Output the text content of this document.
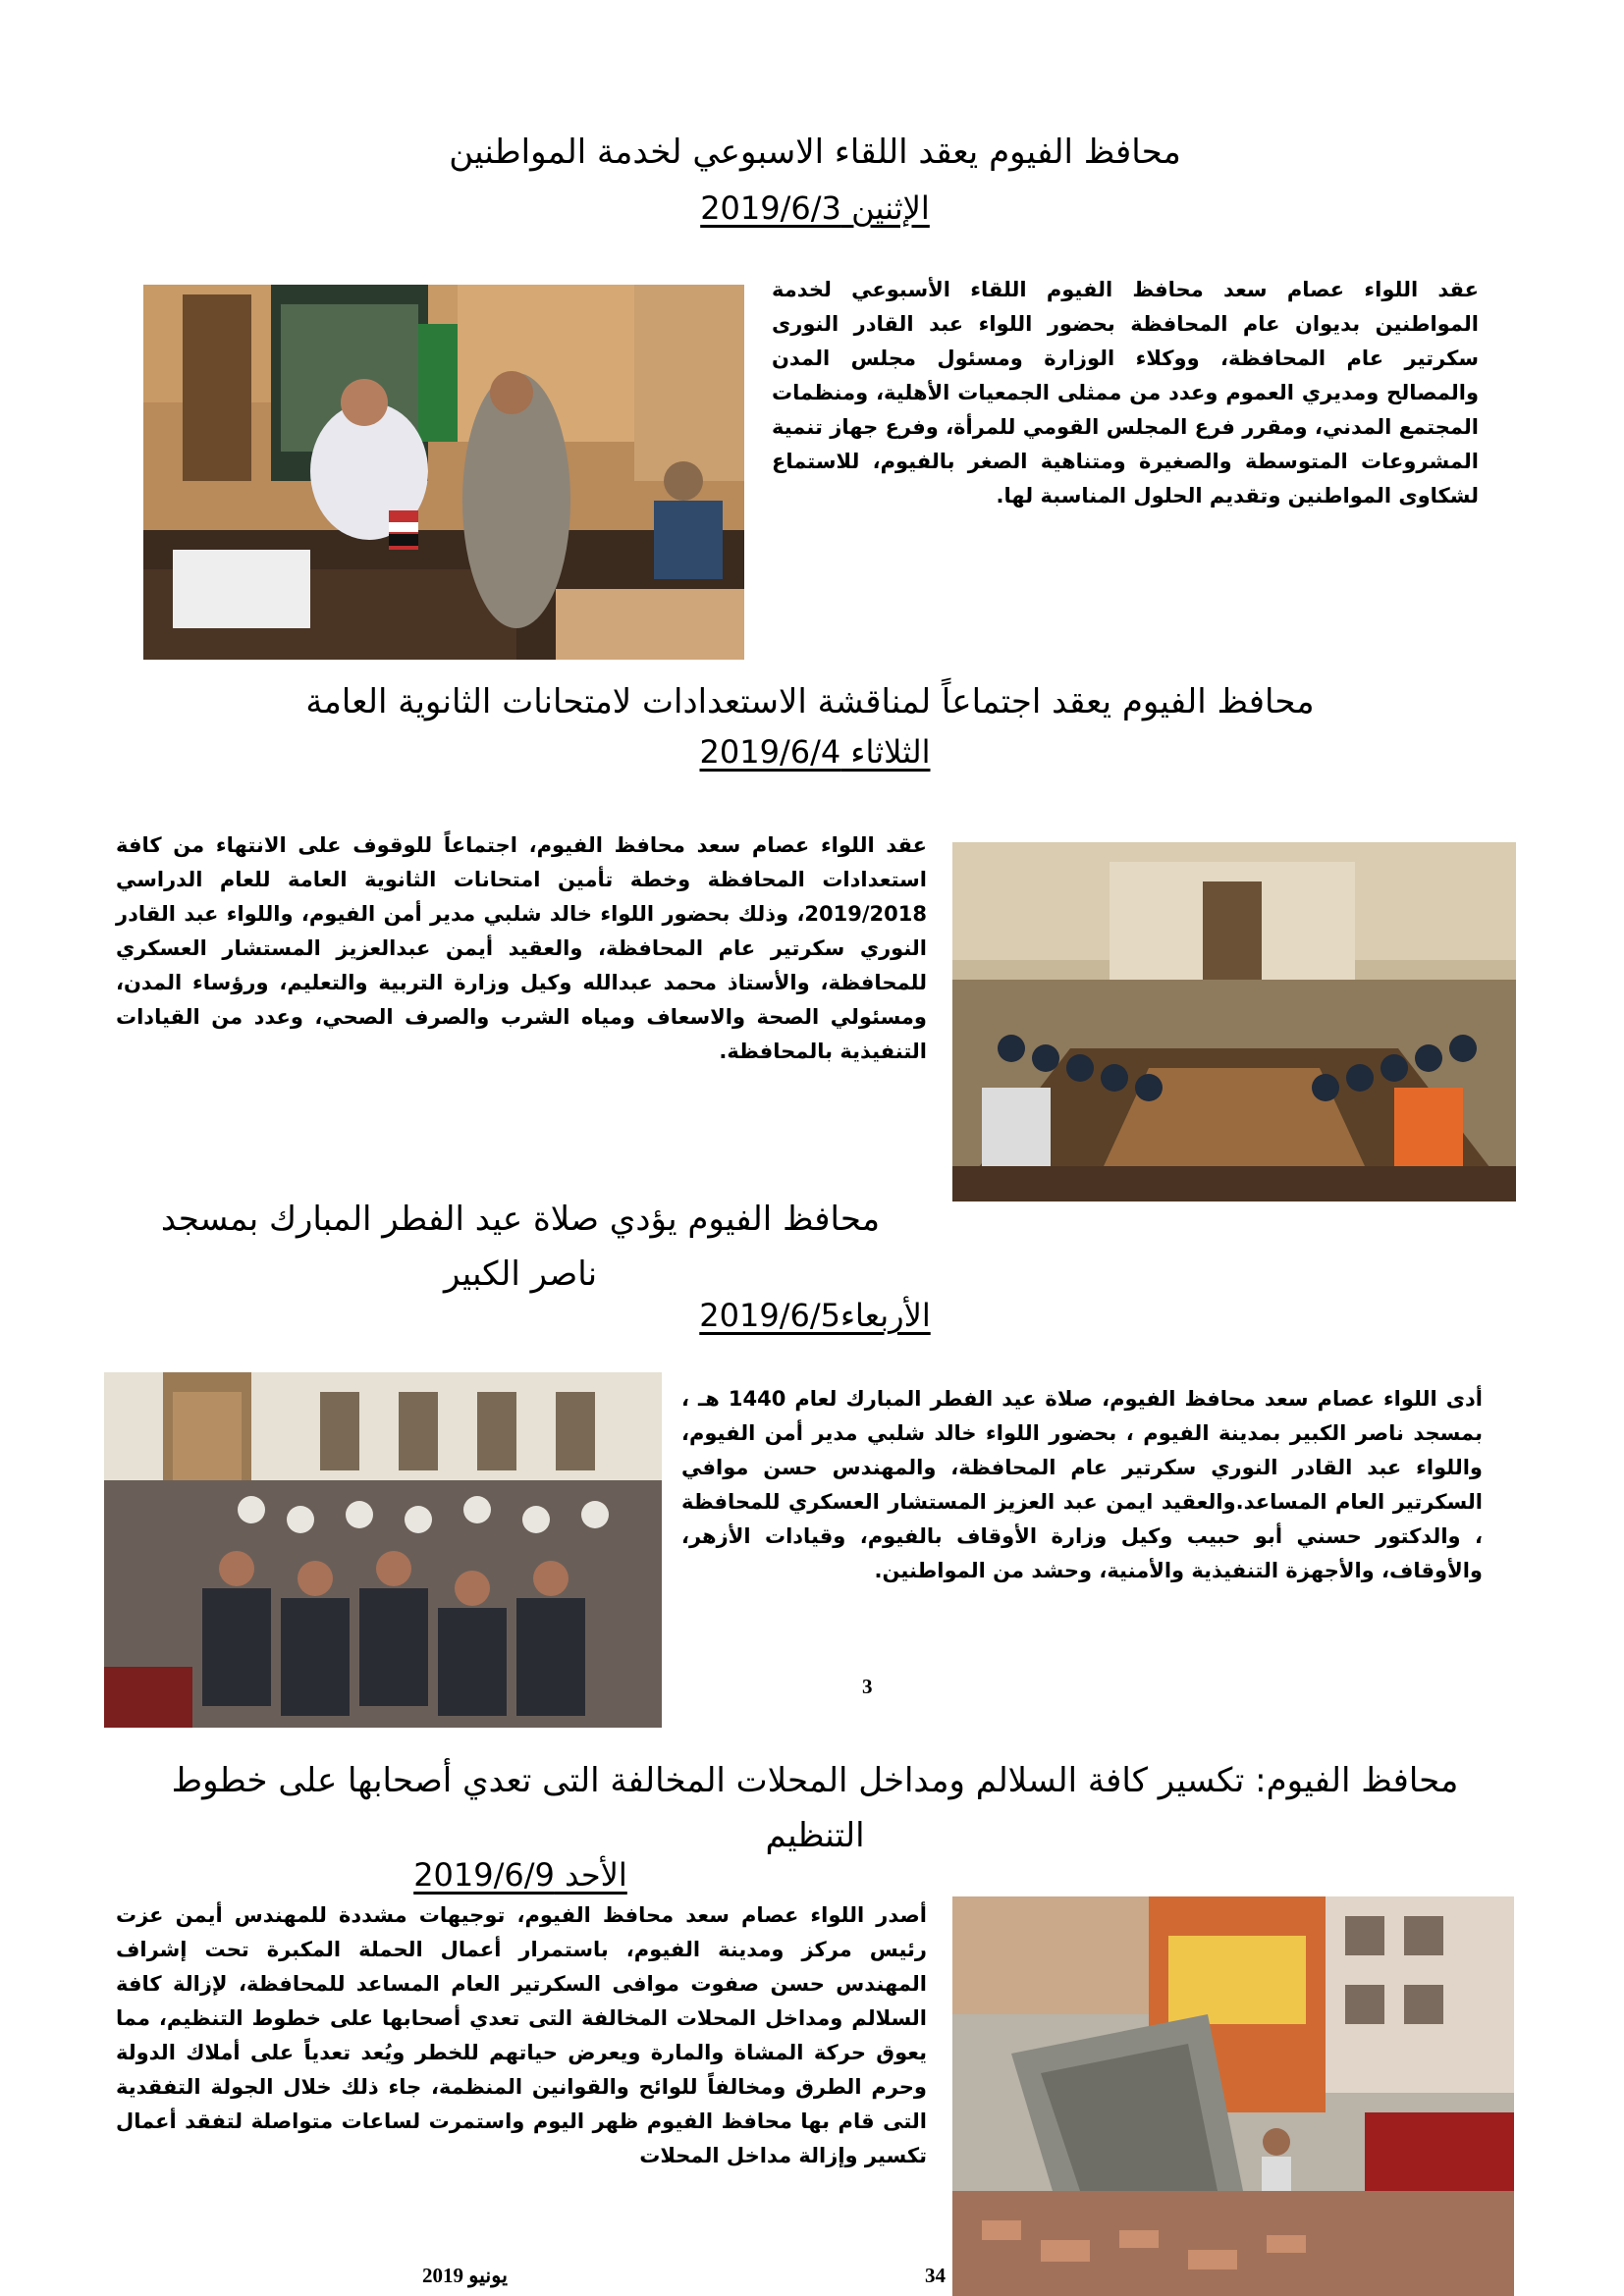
محافظ الفيوم يعقد اللقاء الاسبوعي لخدمة المواطنين
الإثنين 2019/6/3

عقد اللواء عصام سعد محافظ الفيوم اللقاء الأسبوعي لخدمة المواطنين بديوان عام المحافظة بحضور اللواء عبد القادر النورى سكرتير عام المحافظة، ووكلاء الوزارة ومسئول مجلس المدن والمصالح ومديري العموم وعدد من ممثلى الجمعيات الأهلية، ومنظمات المجتمع المدني، ومقرر فرع المجلس القومي للمرأة، وفرع جهاز تنمية المشروعات المتوسطة والصغيرة ومتناهية الصغر بالفيوم، للاستماع لشكاوى المواطنين وتقديم الحلول المناسبة لها.

محافظ الفيوم يعقد اجتماعاً لمناقشة الاستعدادات لامتحانات الثانوية العامة
الثلاثاء 2019/6/4

عقد اللواء عصام سعد محافظ الفيوم، اجتماعاً للوقوف على الانتهاء من كافة استعدادات المحافظة وخطة تأمين امتحانات الثانوية العامة للعام الدراسي 2019/2018، وذلك بحضور اللواء خالد شلبي مدير أمن الفيوم، واللواء عبد القادر النوري سكرتير عام المحافظة، والعقيد أيمن عبدالعزيز المستشار العسكري للمحافظة، والأستاذ محمد عبدالله وكيل وزارة التربية والتعليم، ورؤساء المدن، ومسئولي الصحة والاسعاف ومياه الشرب والصرف الصحي، وعدد من القيادات التنفيذية بالمحافظة.

محافظ الفيوم يؤدي صلاة عيد الفطر المبارك بمسجد ناصر الكبير
الأربعاء2019/6/5

أدى اللواء عصام سعد محافظ الفيوم، صلاة عيد الفطر المبارك لعام 1440 هـ ، بمسجد ناصر الكبير بمدينة الفيوم ، بحضور اللواء خالد شلبي مدير أمن الفيوم، واللواء عبد القادر النوري سكرتير عام المحافظة، والمهندس حسن موافي السكرتير العام المساعد.والعقيد ايمن عبد العزيز المستشار العسكري للمحافظة ، والدكتور حسني أبو حبيب وكيل وزارة الأوقاف بالفيوم، وقيادات الأزهر، والأوقاف، والأجهزة التنفيذية والأمنية، وحشد من المواطنين.

3
محافظ الفيوم: تكسير كافة السلالم ومداخل المحلات المخالفة التى تعدي أصحابها على خطوط التنظيم
الأحد 2019/6/9

أصدر اللواء عصام سعد محافظ الفيوم، توجيهات مشددة للمهندس أيمن عزت رئيس مركز ومدينة الفيوم، باستمرار أعمال الحملة المكبرة تحت إشراف المهندس حسن صفوت موافى السكرتير العام المساعد للمحافظة، لإزالة كافة السلالم ومداخل المحلات المخالفة التى تعدي أصحابها على خطوط التنظيم، مما يعوق حركة المشاة والمارة ويعرض حياتهم للخطر ويُعد تعدياً على أملاك الدولة وحرم الطرق ومخالفاً للوائح والقوانين المنظمة، جاء ذلك خلال الجولة التفقدية التى قام بها محافظ الفيوم ظهر اليوم واستمرت لساعات متواصلة لتفقد أعمال تكسير وإزالة مداخل المحلات

يونيو 2019	34
